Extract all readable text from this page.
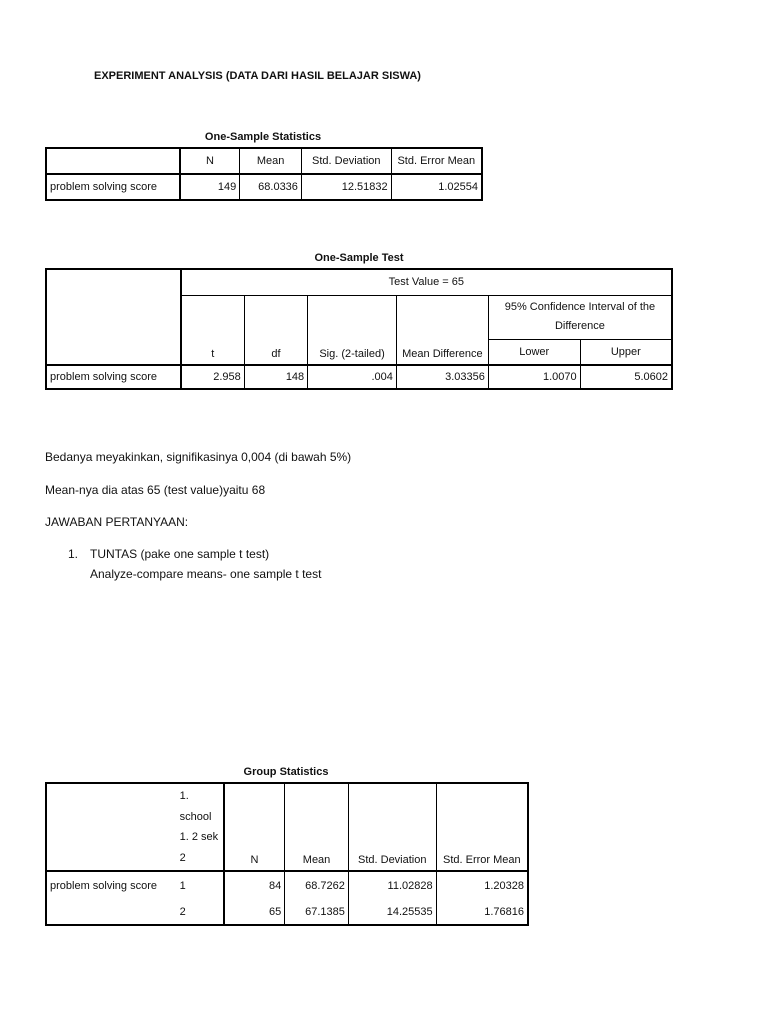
EXPERIMENT ANALYSIS (DATA DARI HASIL BELAJAR SISWA)
One-Sample Statistics
	N	Mean	Std. Deviation	Std. Error Mean
problem solving score	149	68.0336	12.51832	1.02554
One-Sample Test
	Test Value = 65					
	t	df	Sig. (2-tailed)	Mean Difference	95% Confidence Interval of the
Difference	

					Lower	Upper
problem solving score	2.958	148	.004	3.03356	1.0070	5.0602
Bedanya meyakinkan, signifikasinya 0,004 (di bawah 5%)
Mean-nya dia atas 65 (test value)yaitu 68
JAWABAN PERTANYAAN:
1. TUNTAS (pake one sample t test)
Analyze-compare means- one sample t test
Group Statistics

	1.
school
1. 2 sek
2	N	Mean	Std. Deviation	Std. Error Mean
problem solving score	1	84	68.7262	11.02828	1.20328
	2	65	67.1385	14.25535	1.76816
